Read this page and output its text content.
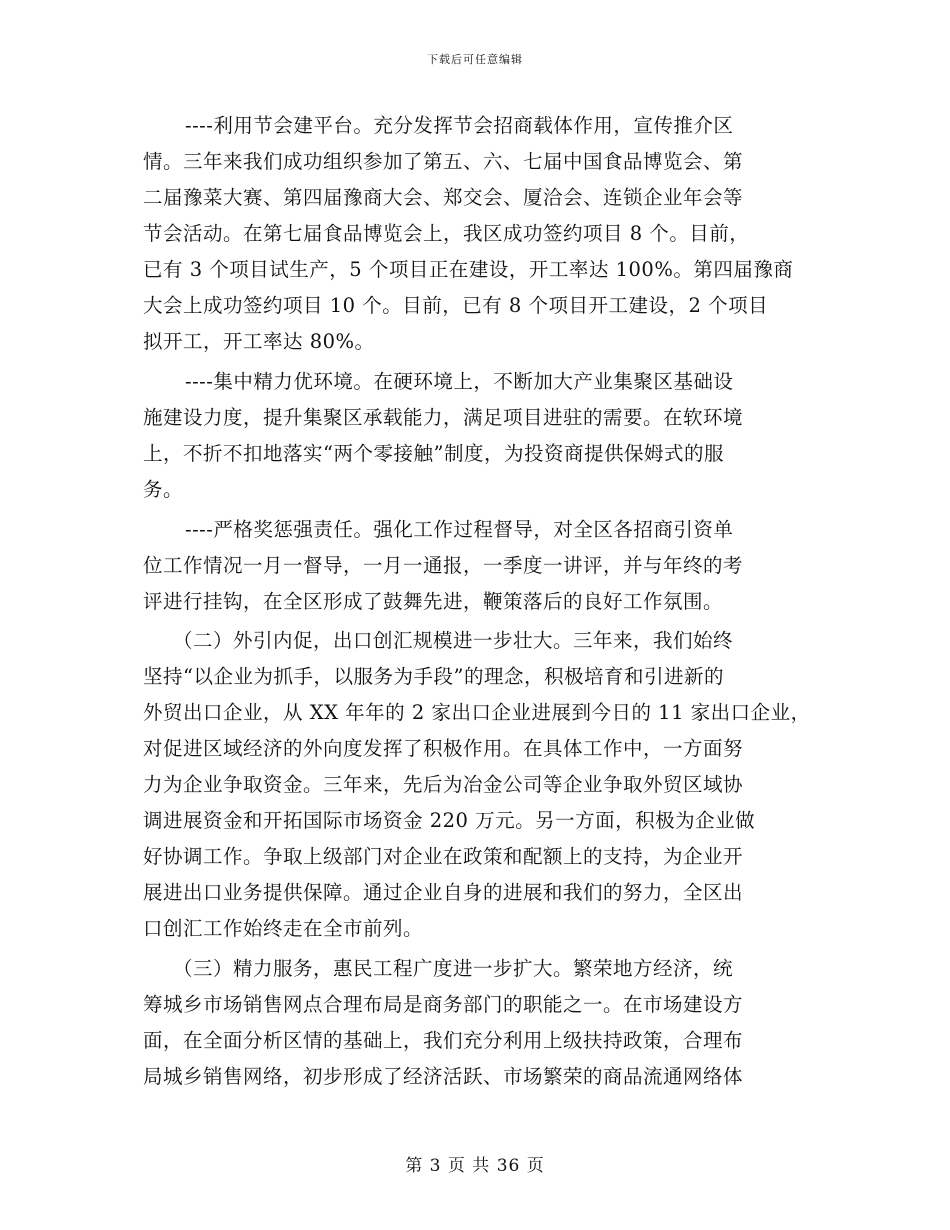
下载后可任意编辑
----利用节会建平台。充分发挥节会招商载体作用，宣传推介区
情。三年来我们成功组织参加了第五、六、七届中国食品博览会、第
二届豫菜大赛、第四届豫商大会、郑交会、厦洽会、连锁企业年会等
节会活动。在第七届食品博览会上，我区成功签约项目 8 个。目前，
已有 3 个项目试生产，5 个项目正在建设，开工率达 100%。第四届豫商
大会上成功签约项目 10 个。目前，已有 8 个项目开工建设，2 个项目
拟开工，开工率达 80%。
----集中精力优环境。在硬环境上，不断加大产业集聚区基础设
施建设力度，提升集聚区承载能力，满足项目进驻的需要。在软环境
上，不折不扣地落实“两个零接触”制度，为投资商提供保姆式的服
务。
----严格奖惩强责任。强化工作过程督导，对全区各招商引资单
位工作情况一月一督导，一月一通报，一季度一讲评，并与年终的考
评进行挂钩，在全区形成了鼓舞先进，鞭策落后的良好工作氛围。
（二）外引内促，出口创汇规模进一步壮大。三年来，我们始终
坚持“以企业为抓手，以服务为手段”的理念，积极培育和引进新的
外贸出口企业，从 XX 年年的 2 家出口企业进展到今日的 11 家出口企业，
对促进区域经济的外向度发挥了积极作用。在具体工作中，一方面努
力为企业争取资金。三年来，先后为冶金公司等企业争取外贸区域协
调进展资金和开拓国际市场资金 220 万元。另一方面，积极为企业做
好协调工作。争取上级部门对企业在政策和配额上的支持，为企业开
展进出口业务提供保障。通过企业自身的进展和我们的努力，全区出
口创汇工作始终走在全市前列。
（三）精力服务，惠民工程广度进一步扩大。繁荣地方经济，统
筹城乡市场销售网点合理布局是商务部门的职能之一。在市场建设方
面，在全面分析区情的基础上，我们充分利用上级扶持政策，合理布
局城乡销售网络，初步形成了经济活跃、市场繁荣的商品流通网络体
第 3 页 共 36 页
